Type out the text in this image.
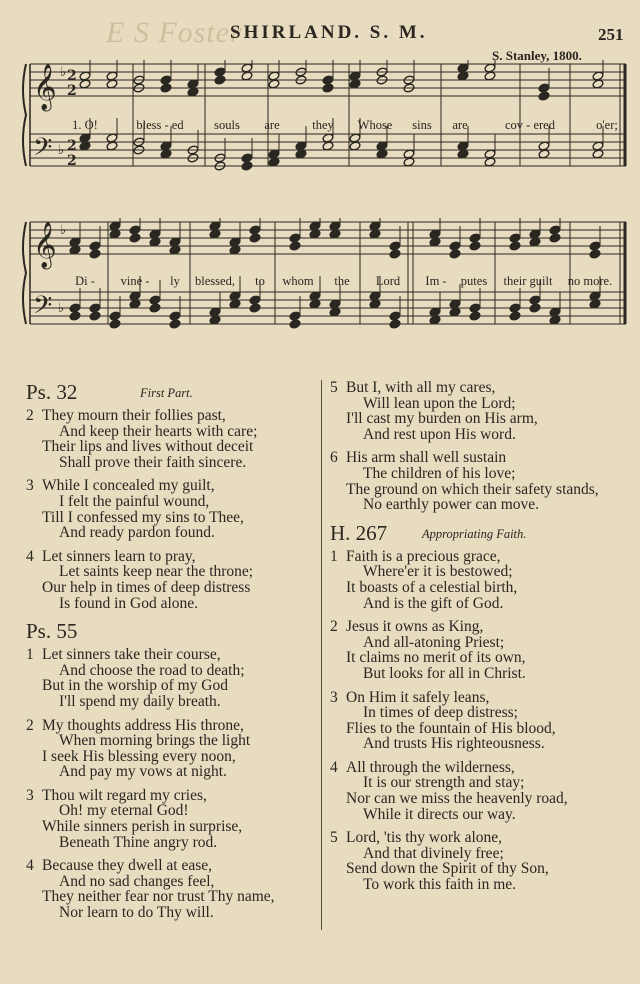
E S Foster
SHIRLAND. S. M.	251
S. Stanley, 1800.
𝄞
𝄢
♭
♭
2
2
2
2
1. O!	bless - ed	souls	are	they	Whose	sins	are	cov - ered	o'er;
𝄞
𝄢
♭
♭
Di -	vine -	ly	blessed,	to	whom	the	Lord	Im -	putes	their guilt	no more.
Ps. 32	First Part.
2 They mourn their follies past,
And keep their hearts with care;
Their lips and lives without deceit
Shall prove their faith sincere.
3 While I concealed my guilt,
I felt the painful wound,
Till I confessed my sins to Thee,
And ready pardon found.
4 Let sinners learn to pray,
Let saints keep near the throne;
Our help in times of deep distress
Is found in God alone.
Ps. 55
1 Let sinners take their course,
And choose the road to death;
But in the worship of my God
I'll spend my daily breath.
2 My thoughts address His throne,
When morning brings the light
I seek His blessing every noon,
And pay my vows at night.
3 Thou wilt regard my cries,
Oh! my eternal God!
While sinners perish in surprise,
Beneath Thine angry rod.
4 Because they dwell at ease,
And no sad changes feel,
They neither fear nor trust Thy name,
Nor learn to do Thy will.
5 But I, with all my cares,
Will lean upon the Lord;
I'll cast my burden on His arm,
And rest upon His word.
6 His arm shall well sustain
The children of his love;
The ground on which their safety stands,
No earthly power can move.
H. 267	Appropriating Faith.
1 Faith is a precious grace,
Where'er it is bestowed;
It boasts of a celestial birth,
And is the gift of God.
2 Jesus it owns as King,
And all-atoning Priest;
It claims no merit of its own,
But looks for all in Christ.
3 On Him it safely leans,
In times of deep distress;
Flies to the fountain of His blood,
And trusts His righteousness.
4 All through the wilderness,
It is our strength and stay;
Nor can we miss the heavenly road,
While it directs our way.
5 Lord, 'tis thy work alone,
And that divinely free;
Send down the Spirit of thy Son,
To work this faith in me.
